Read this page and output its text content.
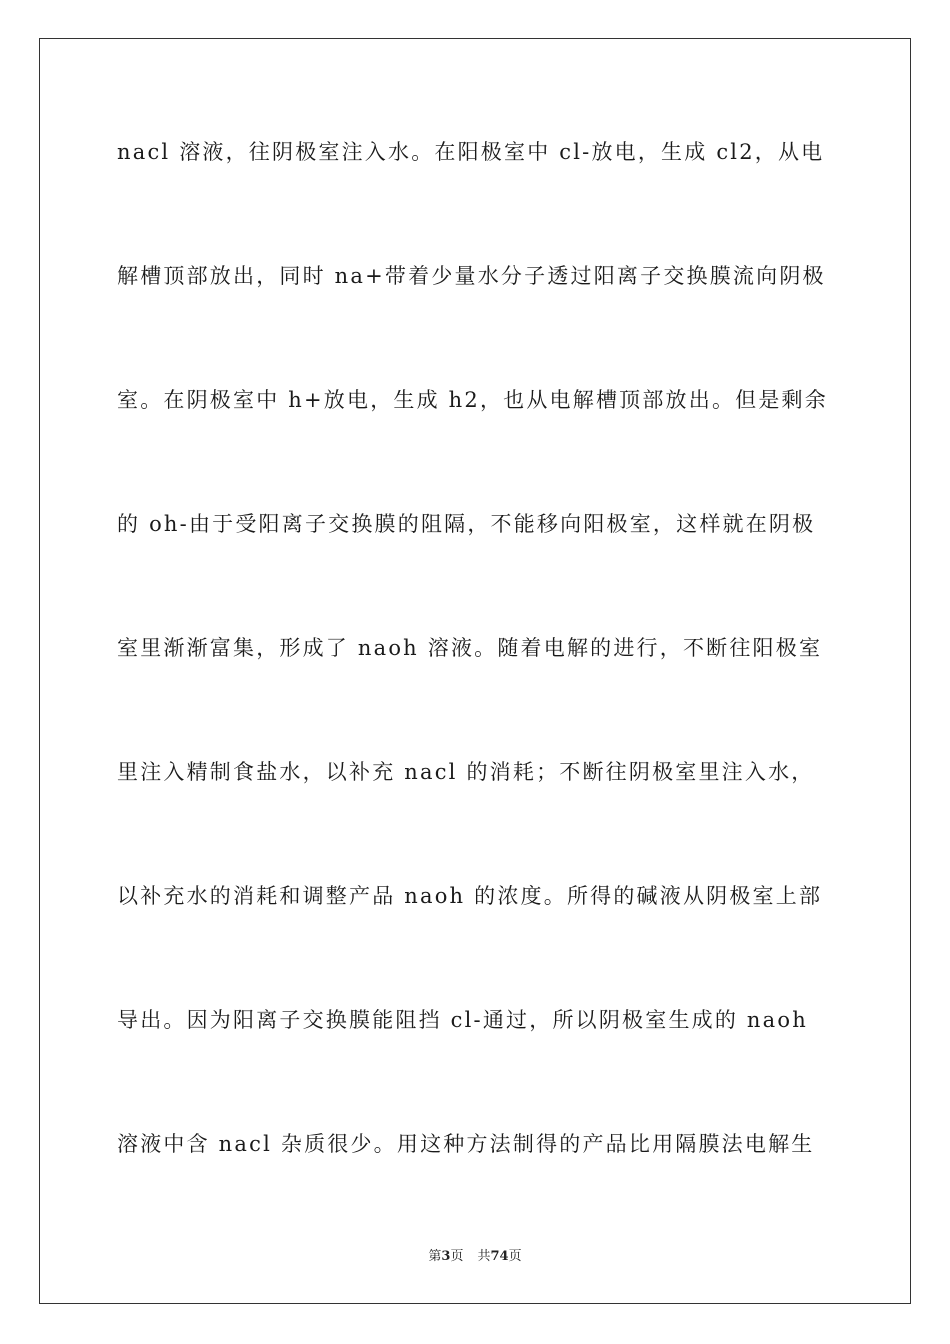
nacl 溶液，往阴极室注入水。在阳极室中 cl-放电，生成 cl2，从电
解槽顶部放出，同时 na+带着少量水分子透过阳离子交换膜流向阴极
室。在阴极室中 h+放电，生成 h2，也从电解槽顶部放出。但是剩余
的 oh-由于受阳离子交换膜的阻隔，不能移向阳极室，这样就在阴极
室里渐渐富集，形成了 naoh 溶液。随着电解的进行，不断往阳极室
里注入精制食盐水，以补充 nacl 的消耗；不断往阴极室里注入水，
以补充水的消耗和调整产品 naoh 的浓度。所得的碱液从阴极室上部
导出。因为阳离子交换膜能阻挡 cl-通过，所以阴极室生成的 naoh
溶液中含 nacl 杂质很少。用这种方法制得的产品比用隔膜法电解生
第3页 共74页
